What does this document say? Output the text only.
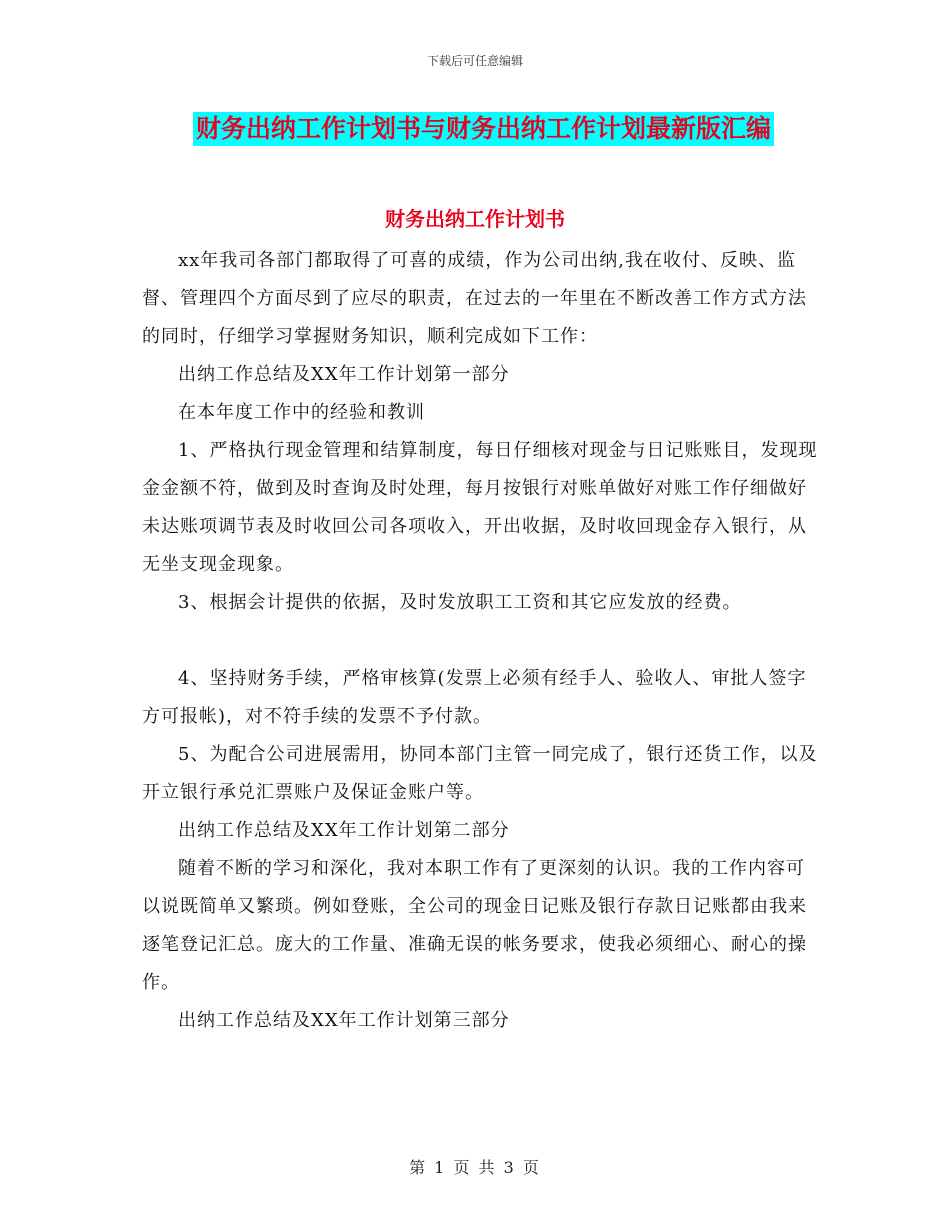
下载后可任意编辑
财务出纳工作计划书与财务出纳工作计划最新版汇编
财务出纳工作计划书

xx年我司各部门都取得了可喜的成绩，作为公司出纳,我在收付、反映、监督、管理四个方面尽到了应尽的职责，在过去的一年里在不断改善工作方式方法的同时，仔细学习掌握财务知识，顺利完成如下工作：

出纳工作总结及XX年工作计划第一部分

在本年度工作中的经验和教训

1、严格执行现金管理和结算制度，每日仔细核对现金与日记账账目，发现现金金额不符，做到及时查询及时处理，每月按银行对账单做好对账工作仔细做好未达账项调节表及时收回公司各项收入，开出收据，及时收回现金存入银行，从无坐支现金现象。

3、根据会计提供的依据，及时发放职工工资和其它应发放的经费。

4、坚持财务手续，严格审核算(发票上必须有经手人、验收人、审批人签字方可报帐)，对不符手续的发票不予付款。

5、为配合公司进展需用，协同本部门主管一同完成了，银行还货工作，以及开立银行承兑汇票账户及保证金账户等。

出纳工作总结及XX年工作计划第二部分

随着不断的学习和深化，我对本职工作有了更深刻的认识。我的工作内容可以说既简单又繁琐。例如登账，全公司的现金日记账及银行存款日记账都由我来逐笔登记汇总。庞大的工作量、准确无误的帐务要求，使我必须细心、耐心的操作。

出纳工作总结及XX年工作计划第三部分

第 1 页 共 3 页
